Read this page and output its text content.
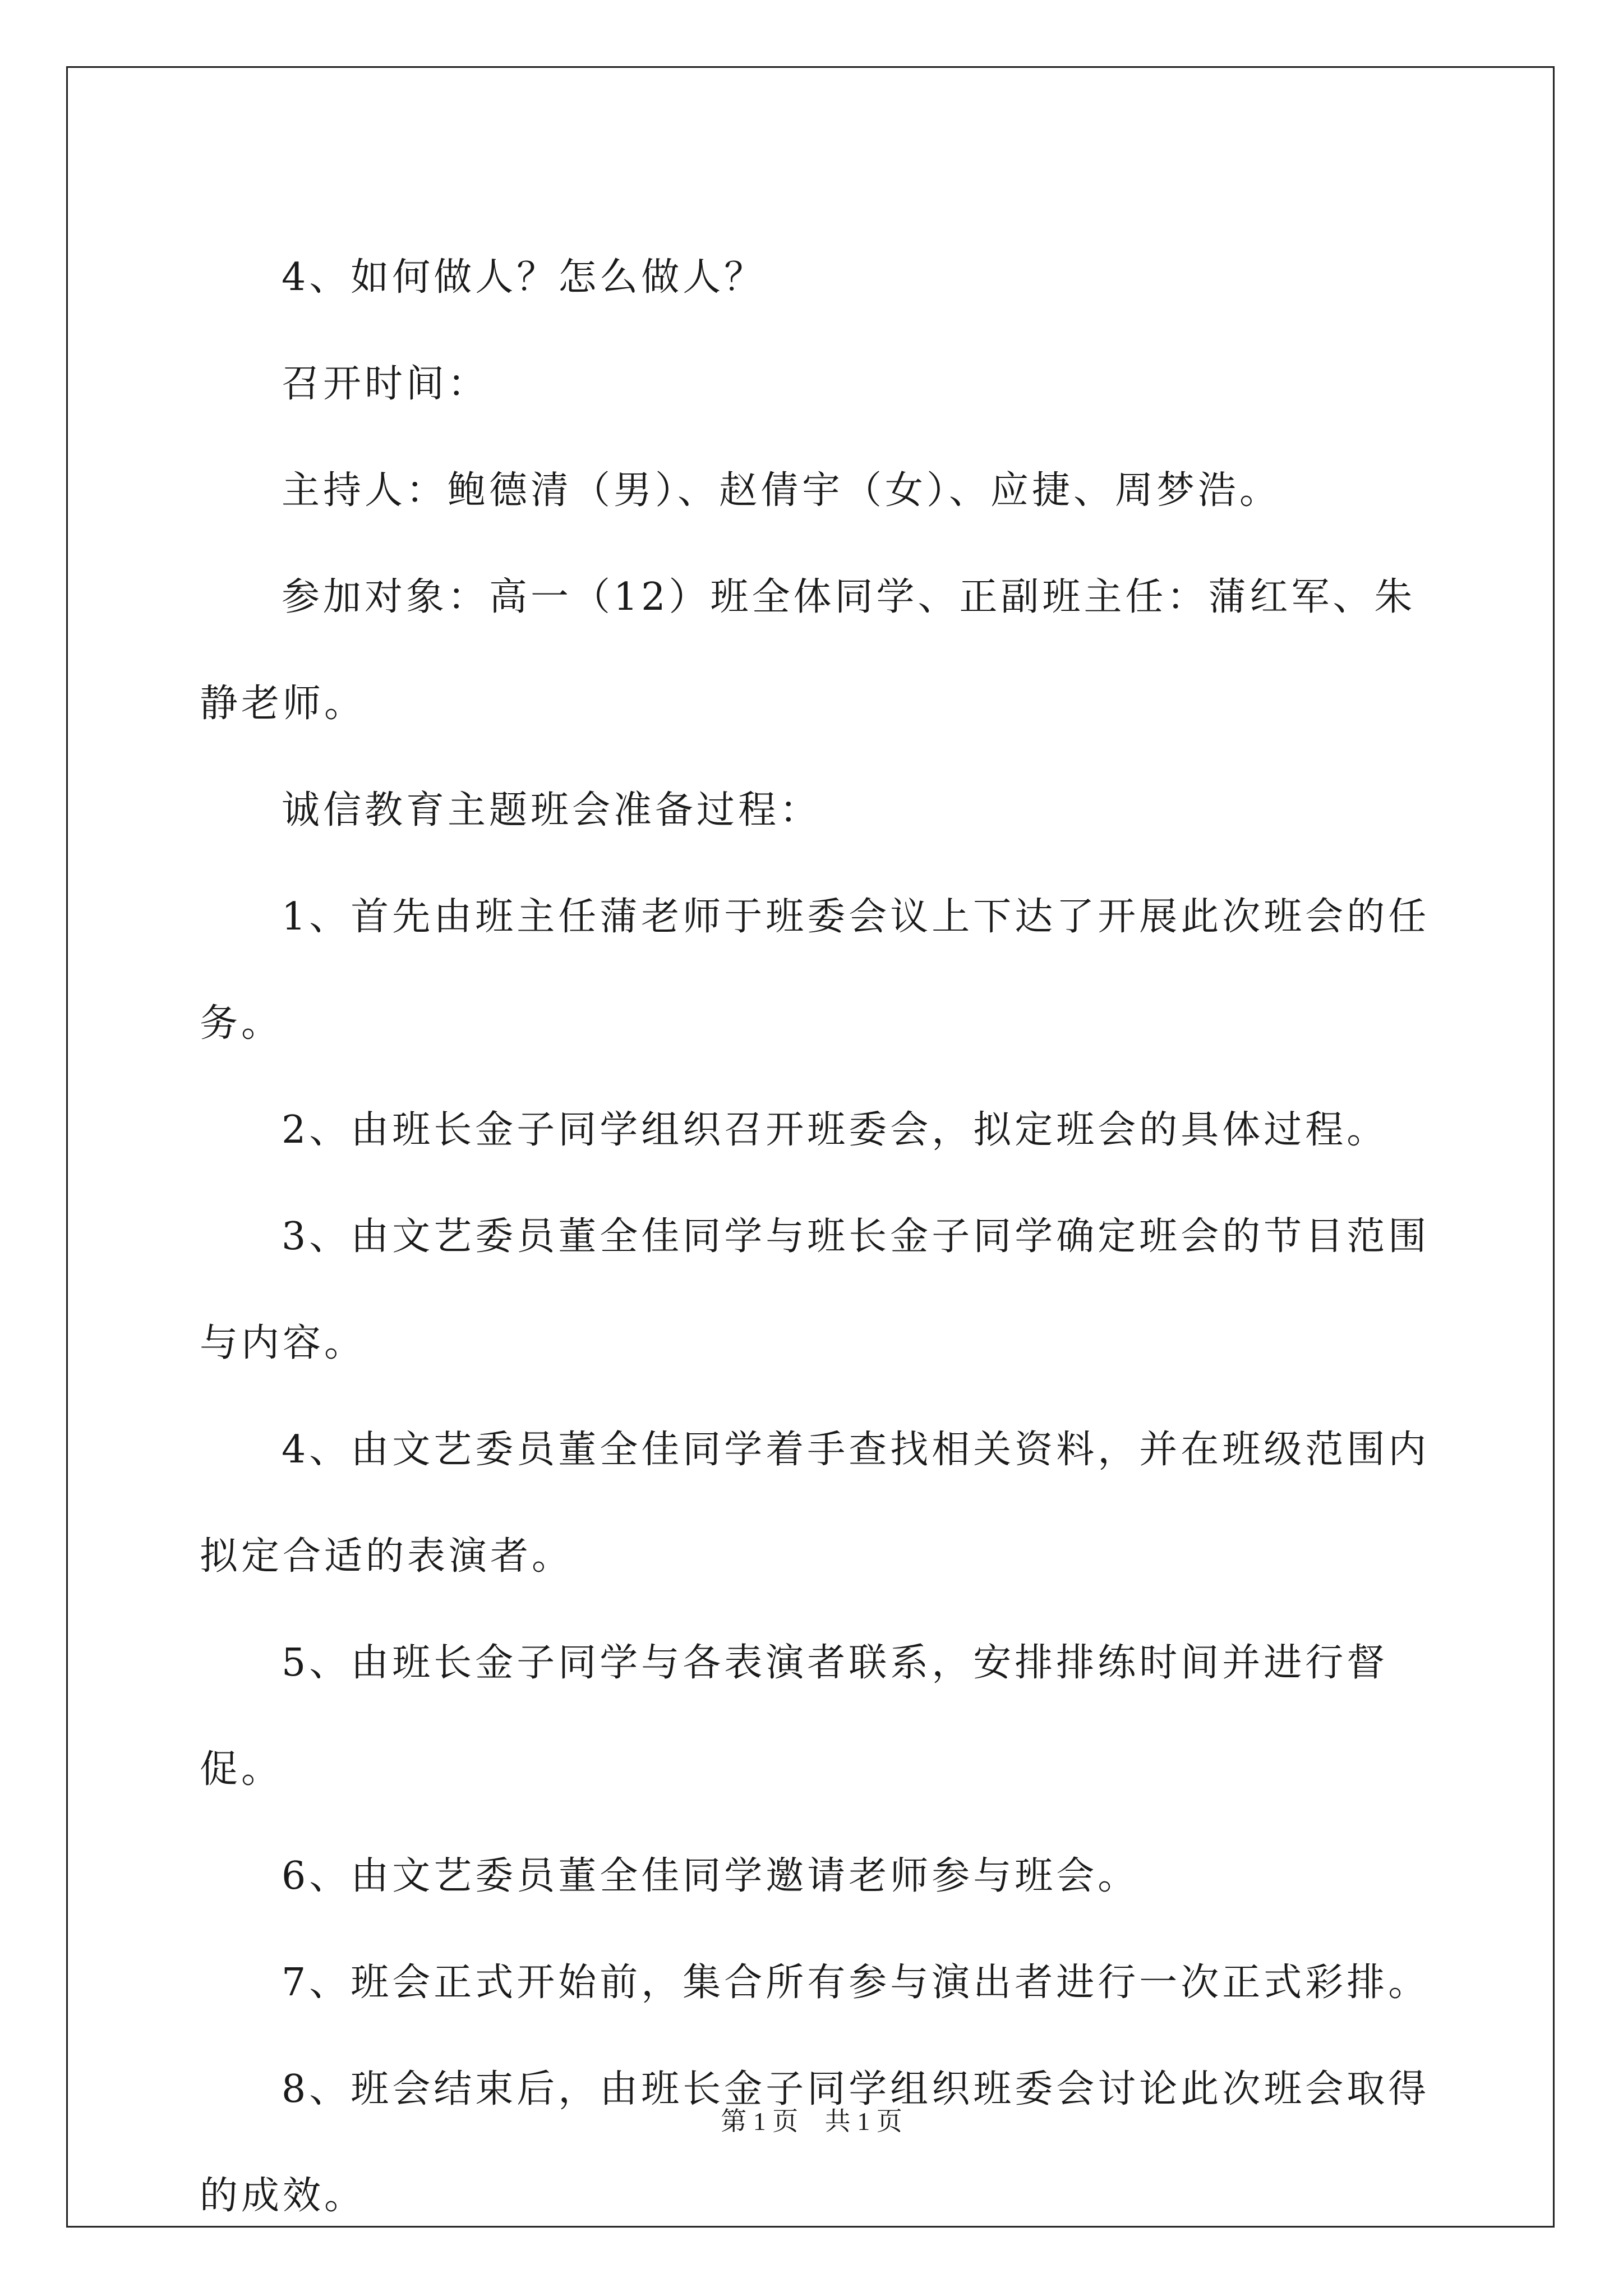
4、如何做人？怎么做人？

召开时间：

主持人：鲍德清（男）、赵倩宇（女）、应捷、周梦浩。

参加对象：高一（12）班全体同学、正副班主任：蒲红军、朱静老师。

诚信教育主题班会准备过程：

1、首先由班主任蒲老师于班委会议上下达了开展此次班会的任务。

2、由班长金子同学组织召开班委会，拟定班会的具体过程。

3、由文艺委员董全佳同学与班长金子同学确定班会的节目范围与内容。

4、由文艺委员董全佳同学着手查找相关资料，并在班级范围内拟定合适的表演者。

5、由班长金子同学与各表演者联系，安排排练时间并进行督促。

6、由文艺委员董全佳同学邀请老师参与班会。

7、班会正式开始前，集合所有参与演出者进行一次正式彩排。

8、班会结束后，由班长金子同学组织班委会讨论此次班会取得的成效。

第 1 页 共 1 页
